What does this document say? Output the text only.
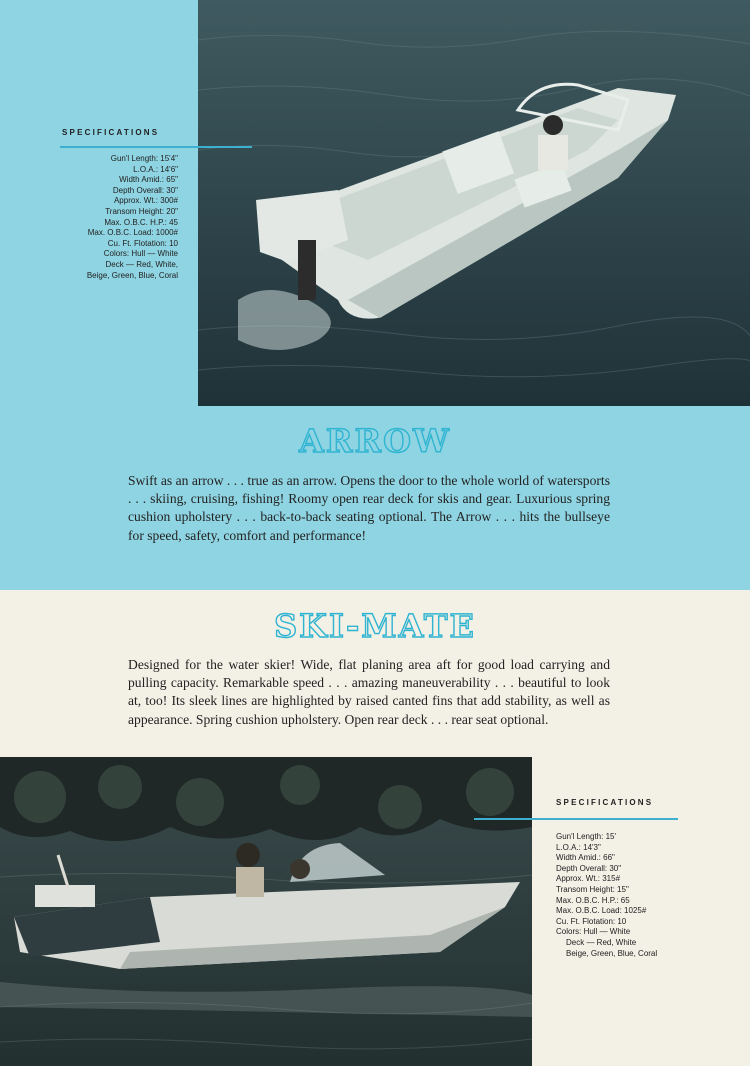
SPECIFICATIONS
Gun'l Length: 15'4"
L.O.A.: 14'6"
Width Amid.: 65"
Depth Overall: 30"
Approx. Wt.: 300#
Transom Height: 20"
Max. O.B.C. H.P.: 45
Max. O.B.C. Load: 1000#
Cu. Ft. Flotation: 10
Colors: Hull — White
Deck — Red, White,
Beige, Green, Blue, Coral
ARROW
Swift as an arrow . . . true as an arrow. Opens the door to the whole world of watersports . . . skiing, cruising, fishing! Roomy open rear deck for skis and gear. Luxurious spring cushion upholstery . . . back-to-back seating optional. The Arrow . . . hits the bullseye for speed, safety, comfort and performance!
SKI-MATE
Designed for the water skier! Wide, flat planing area aft for good load carrying and pulling capacity. Remarkable speed . . . amazing maneuverability . . . beautiful to look at, too! Its sleek lines are highlighted by raised canted fins that add stability, as well as appearance. Spring cushion upholstery. Open rear deck . . . rear seat optional.
SPECIFICATIONS
Gun'l Length: 15'
L.O.A.: 14'3"
Width Amid.: 66"
Depth Overall: 30"
Approx. Wt.: 315#
Transom Height: 15"
Max. O.B.C. H.P.: 65
Max. O.B.C. Load: 1025#
Cu. Ft. Flotation: 10
Colors: Hull — White
Deck — Red, White
Beige, Green, Blue, Coral
